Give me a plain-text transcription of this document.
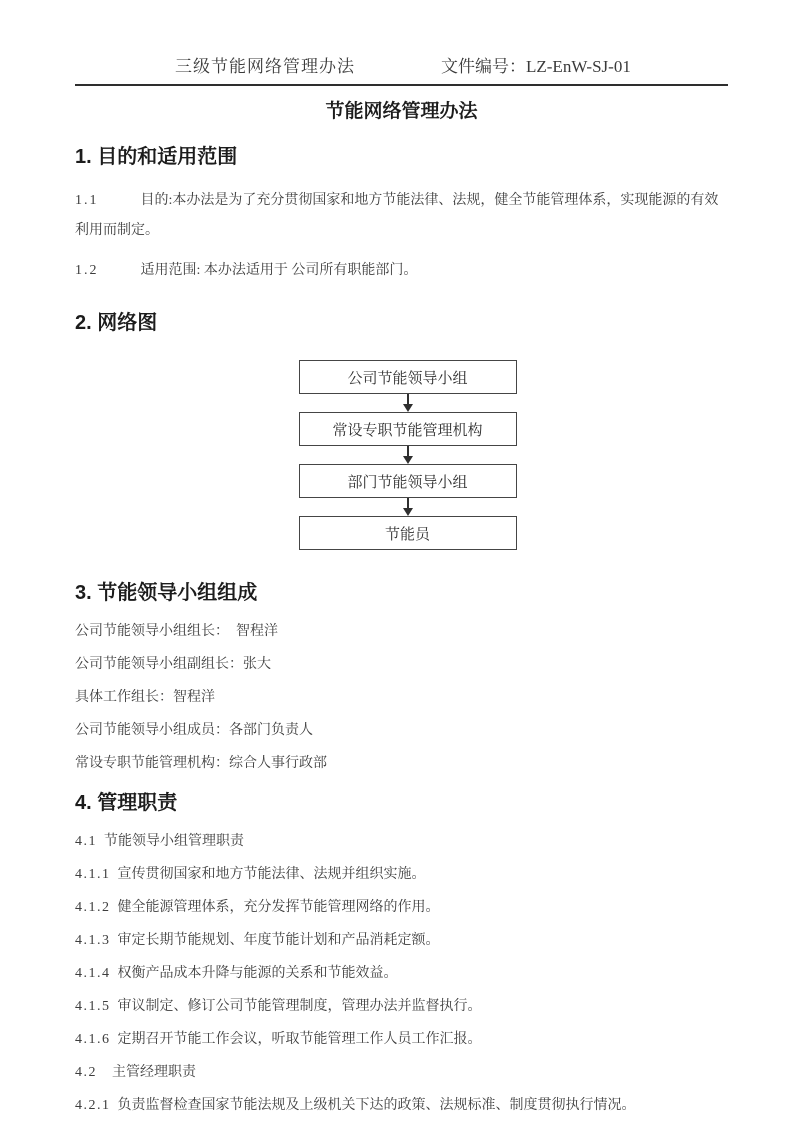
三级节能网络管理办法	文件编号：LZ-EnW-SJ-01
节能网络管理办法
1. 目的和适用范围

1.1	目的:本办法是为了充分贯彻国家和地方节能法律、法规，健全节能管理体系，实现能源的有效利用而制定。

1.2	适用范围: 本办法适用于 公司所有职能部门。

2. 网络图
公司节能领导小组
常设专职节能管理机构
部门节能领导小组
节能员
3. 节能领导小组组成

公司节能领导小组组长：　智程洋

公司节能领导小组副组长：张大

具体工作组长：智程洋

公司节能领导小组成员：各部门负责人

常设专职节能管理机构：综合人事行政部

4. 管理职责

4.1 节能领导小组管理职责

4.1.1 宣传贯彻国家和地方节能法律、法规并组织实施。

4.1.2 健全能源管理体系，充分发挥节能管理网络的作用。

4.1.3 审定长期节能规划、年度节能计划和产品消耗定额。

4.1.4 权衡产品成本升降与能源的关系和节能效益。

4.1.5 审议制定、修订公司节能管理制度，管理办法并监督执行。

4.1.6 定期召开节能工作会议，听取节能管理工作人员工作汇报。

4.2 主管经理职责

4.2.1 负责监督检查国家节能法规及上级机关下达的政策、法规标准、制度贯彻执行情况。
